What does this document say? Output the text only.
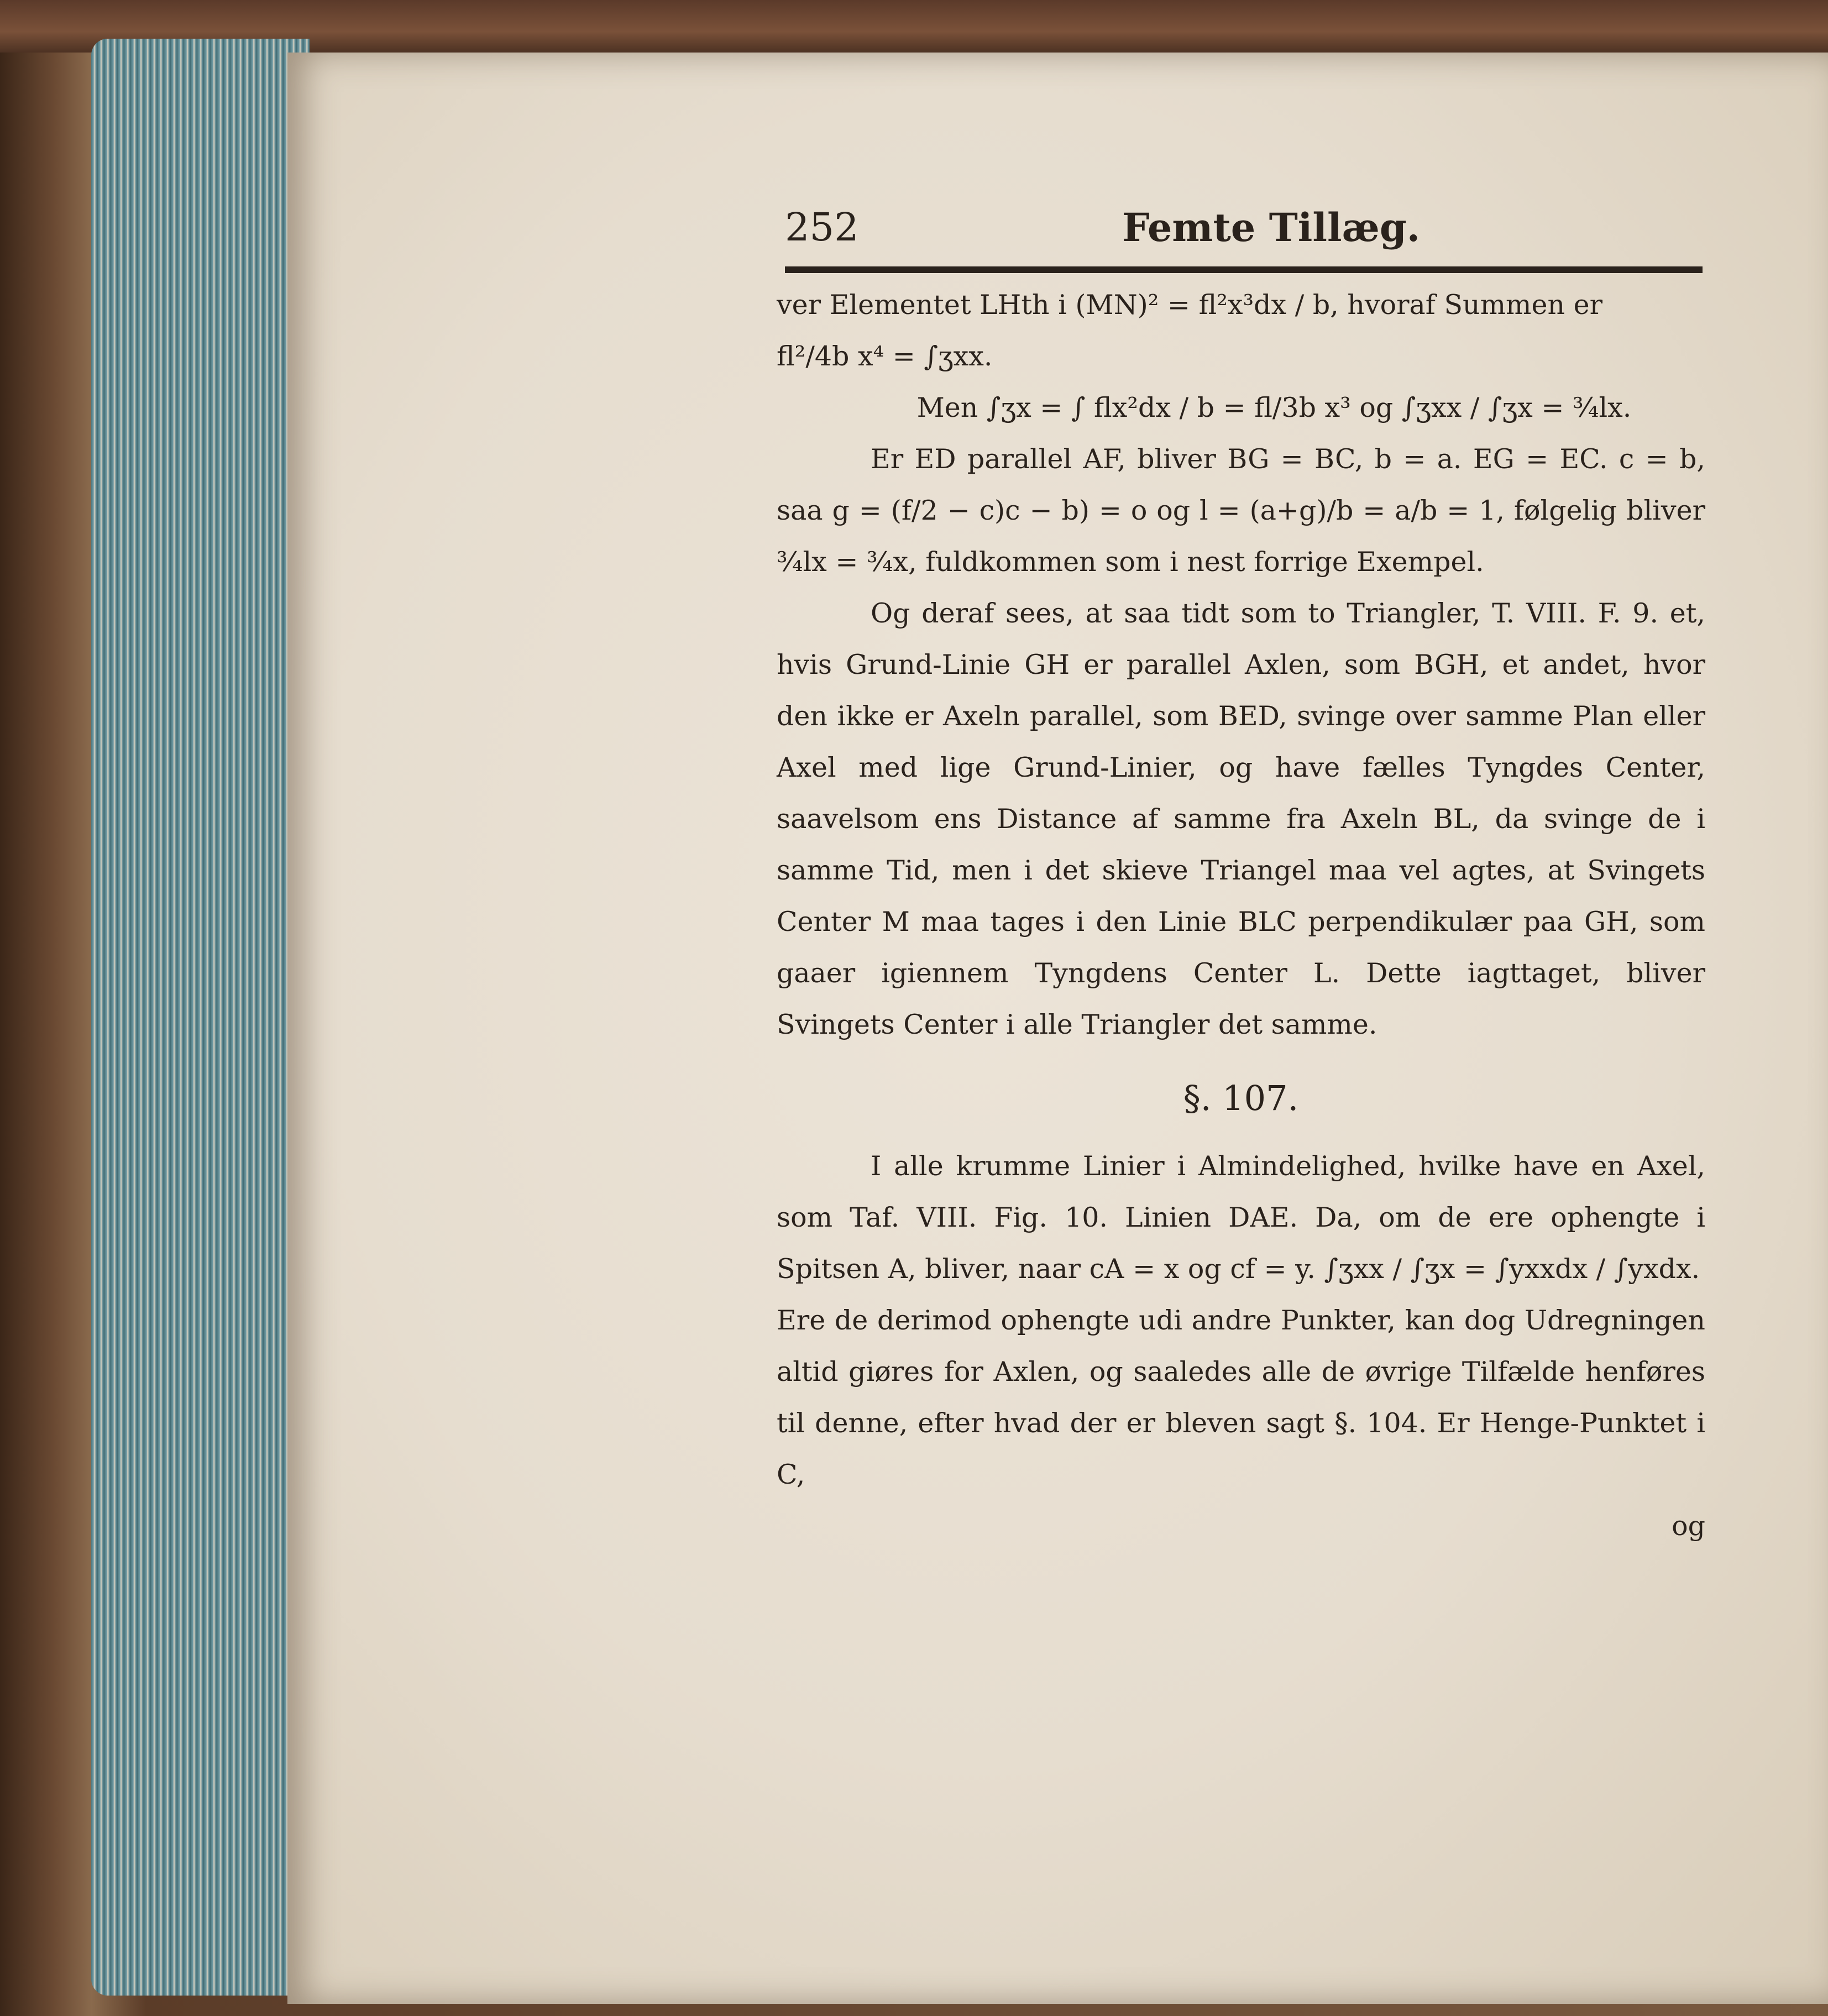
252	Femte Tillæg.

ver Elementet LHth i (MN)² = fl²x³dx / b, hvoraf Summen er

fl²/4b x⁴ = ∫ʒxx.

Men ∫ʒx = ∫ flx²dx / b = fl/3b x³ og ∫ʒxx / ∫ʒx = ¾lx.

Er ED parallel AF, bliver BG = BC, b = a. EG = EC. c = b, saa g = (f/2 − c)c − b) = o og l = (a+g)/b = a/b = 1, følgelig bliver ¾lx = ¾x, fuldkommen som i nest forrige Exempel.

Og deraf sees, at saa tidt som to Triangler, T. VIII. F. 9. et, hvis Grund-Linie GH er parallel Axlen, som BGH, et andet, hvor den ikke er Axeln parallel, som BED, svinge over samme Plan eller Axel med lige Grund-Linier, og have fælles Tyngdes Center, saavelsom ens Distance af samme fra Axeln BL, da svinge de i samme Tid, men i det skieve Triangel maa vel agtes, at Svingets Center M maa tages i den Linie BLC perpendikulær paa GH, som gaaer igiennem Tyngdens Center L. Dette iagttaget, bliver Svingets Center i alle Triangler det samme.

§. 107.

I alle krumme Linier i Almindelighed, hvilke have en Axel, som Taf. VIII. Fig. 10. Linien DAE. Da, om de ere ophengte i Spitsen A, bliver, naar cA = x og cf = y. ∫ʒxx / ∫ʒx = ∫yxxdx / ∫yxdx.

Ere de derimod ophengte udi andre Punkter, kan dog Udregningen altid giøres for Axlen, og saaledes alle de øvrige Tilfælde henføres til denne, efter hvad der er bleven sagt §. 104. Er Henge-Punktet i C,

og
